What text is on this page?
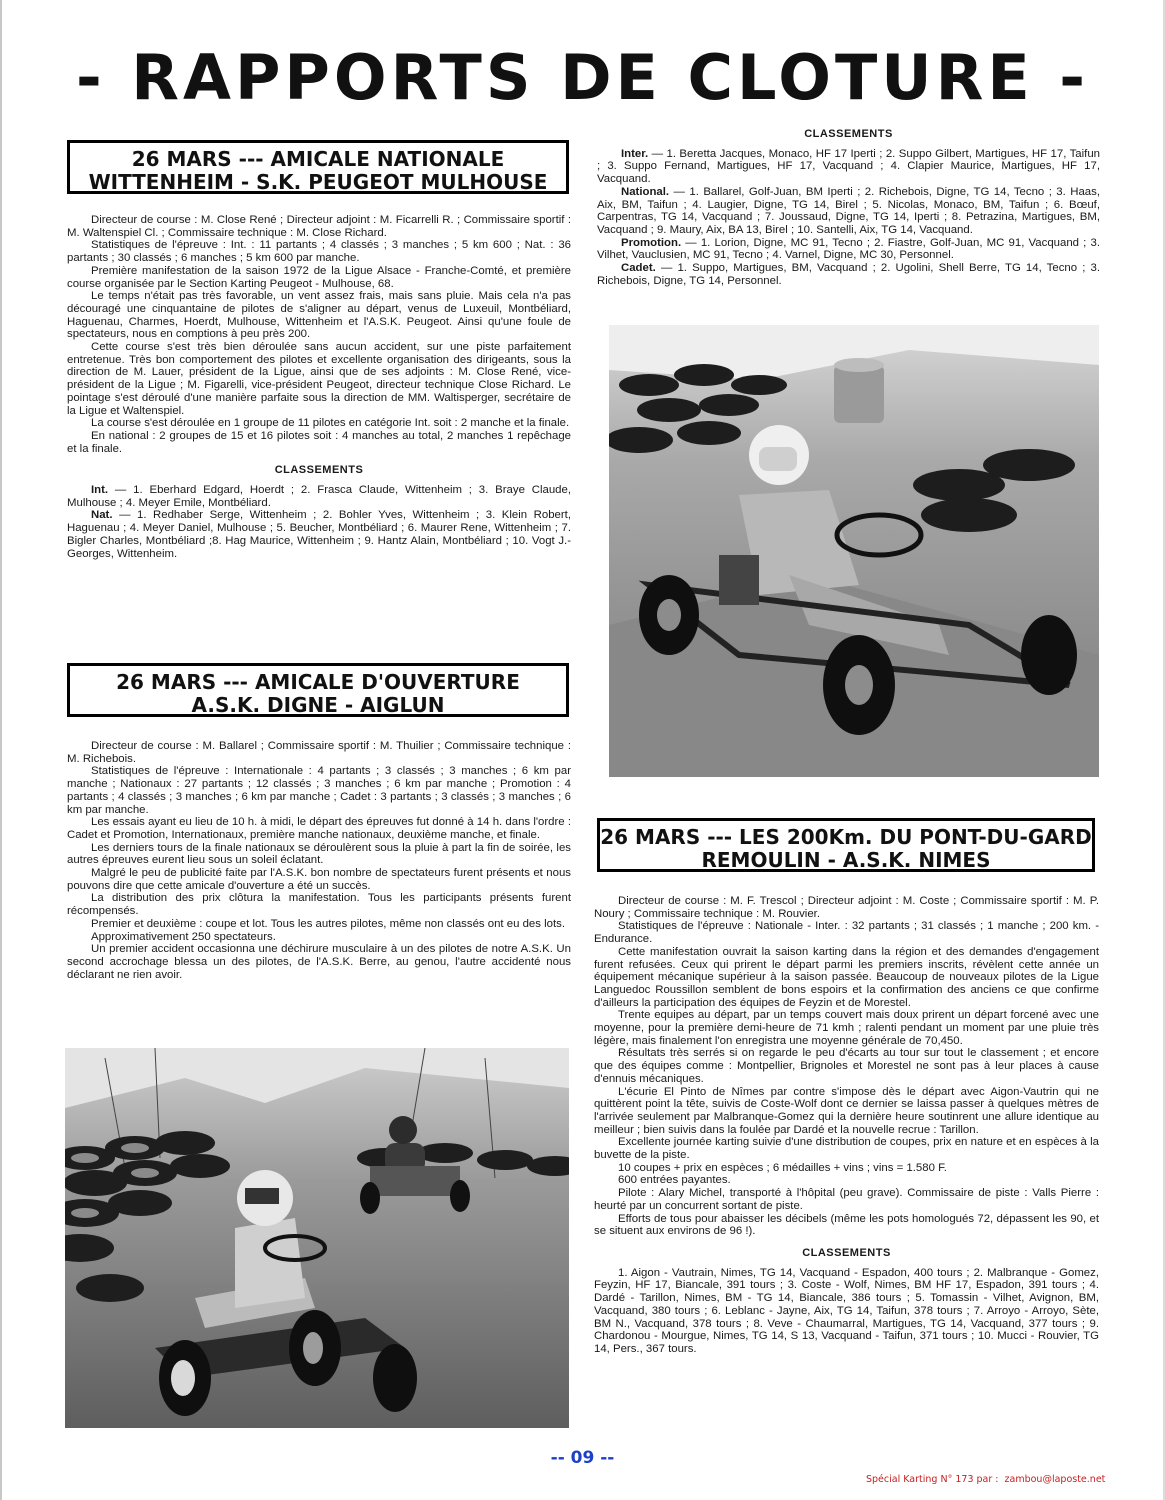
- RAPPORTS DE CLOTURE -
26 MARS --- AMICALE NATIONALE
WITTENHEIM - S.K. PEUGEOT MULHOUSE

Directeur de course : M. Close René ; Directeur adjoint : M. Ficarrelli R. ; Commissaire sportif : M. Waltenspiel Cl. ; Commissaire technique : M. Close Richard.

Statistiques de l'épreuve : Int. : 11 partants ; 4 classés ; 3 manches ; 5 km 600 ; Nat. : 36 partants ; 30 classés ; 6 manches ; 5 km 600 par manche.

Première manifestation de la saison 1972 de la Ligue Alsace - Franche-Comté, et première course organisée par le Section Karting Peugeot - Mulhouse, 68.

Le temps n'était pas très favorable, un vent assez frais, mais sans pluie. Mais cela n'a pas découragé une cinquantaine de pilotes de s'aligner au départ, venus de Luxeuil, Montbéliard, Haguenau, Charmes, Hoerdt, Mulhouse, Wittenheim et l'A.S.K. Peugeot. Ainsi qu'une foule de spectateurs, nous en comptions à peu près 200.

Cette course s'est très bien déroulée sans aucun accident, sur une piste parfaitement entretenue. Très bon comportement des pilotes et excellente organisation des dirigeants, sous la direction de M. Lauer, président de la Ligue, ainsi que de ses adjoints : M. Close René, vice-président de la Ligue ; M. Figarelli, vice-président Peugeot, directeur technique Close Richard. Le pointage s'est déroulé d'une manière parfaite sous la direction de MM. Waltisperger, secrétaire de la Ligue et Waltenspiel.

La course s'est déroulée en 1 groupe de 11 pilotes en catégorie Int. soit : 2 manche et la finale.

En national : 2 groupes de 15 et 16 pilotes soit : 4 manches au total, 2 manches 1 repêchage et la finale.

CLASSEMENTS

Int. — 1. Eberhard Edgard, Hoerdt ; 2. Frasca Claude, Wittenheim ; 3. Braye Claude, Mulhouse ; 4. Meyer Emile, Montbéliard.

Nat. — 1. Redhaber Serge, Wittenheim ; 2. Bohler Yves, Wittenheim ; 3. Klein Robert, Haguenau ; 4. Meyer Daniel, Mulhouse ; 5. Beucher, Montbéliard ; 6. Maurer Rene, Wittenheim ; 7. Bigler Charles, Montbéliard ;8. Hag Maurice, Wittenheim ; 9. Hantz Alain, Montbéliard ; 10. Vogt J.-Georges, Wittenheim.

26 MARS --- AMICALE D'OUVERTURE
A.S.K. DIGNE - AIGLUN

Directeur de course : M. Ballarel ; Commissaire sportif : M. Thuilier ; Commissaire technique : M. Richebois.

Statistiques de l'épreuve : Internationale : 4 partants ; 3 classés ; 3 manches ; 6 km par manche ; Nationaux : 27 partants ; 12 classés ; 3 manches ; 6 km par manche ; Promotion : 4 partants ; 4 classés ; 3 manches ; 6 km par manche ; Cadet : 3 partants ; 3 classés ; 3 manches ; 6 km par manche.

Les essais ayant eu lieu de 10 h. à midi, le départ des épreuves fut donné à 14 h. dans l'ordre : Cadet et Promotion, Internationaux, première manche nationaux, deuxième manche, et finale.

Les derniers tours de la finale nationaux se déroulèrent sous la pluie à part la fin de soirée, les autres épreuves eurent lieu sous un soleil éclatant.

Malgré le peu de publicité faite par l'A.S.K. bon nombre de spectateurs furent présents et nous pouvons dire que cette amicale d'ouverture a été un succès.

La distribution des prix clôtura la manifestation. Tous les participants présents furent récompensés.

Premier et deuxième : coupe et lot. Tous les autres pilotes, même non classés ont eu des lots.

Approximativement 250 spectateurs.

Un premier accident occasionna une déchirure musculaire à un des pilotes de notre A.S.K. Un second accrochage blessa un des pilotes, de l'A.S.K. Berre, au genou, l'autre accidenté nous déclarant ne rien avoir.

CLASSEMENTS

Inter. — 1. Beretta Jacques, Monaco, HF 17 Iperti ; 2. Suppo Gilbert, Martigues, HF 17, Taifun ; 3. Suppo Fernand, Martigues, HF 17, Vacquand ; 4. Clapier Maurice, Martigues, HF 17, Vacquand.

National. — 1. Ballarel, Golf-Juan, BM Iperti ; 2. Richebois, Digne, TG 14, Tecno ; 3. Haas, Aix, BM, Taifun ; 4. Laugier, Digne, TG 14, Birel ; 5. Nicolas, Monaco, BM, Taifun ; 6. Bœuf, Carpentras, TG 14, Vacquand ; 7. Joussaud, Digne, TG 14, Iperti ; 8. Petrazina, Martigues, BM, Vacquand ; 9. Maury, Aix, BA 13, Birel ; 10. Santelli, Aix, TG 14, Vacquand.

Promotion. — 1. Lorion, Digne, MC 91, Tecno ; 2. Fiastre, Golf-Juan, MC 91, Vacquand ; 3. Vilhet, Vauclusien, MC 91, Tecno ; 4. Varnel, Digne, MC 30, Personnel.

Cadet. — 1. Suppo, Martigues, BM, Vacquand ; 2. Ugolini, Shell Berre, TG 14, Tecno ; 3. Richebois, Digne, TG 14, Personnel.

26 MARS --- LES 200Km. DU PONT-DU-GARD
REMOULIN - A.S.K. NIMES

Directeur de course : M. F. Trescol ; Directeur adjoint : M. Coste ; Commissaire sportif : M. P. Noury ; Commissaire technique : M. Rouvier.

Statistiques de l'épreuve : Nationale - Inter. : 32 partants ; 31 classés ; 1 manche ; 200 km. - Endurance.

Cette manifestation ouvrait la saison karting dans la région et des demandes d'engagement furent refusées. Ceux qui prirent le départ parmi les premiers inscrits, révèlent cette année un équipement mécanique supérieur à la saison passée. Beaucoup de nouveaux pilotes de la Ligue Languedoc Roussillon semblent de bons espoirs et la confirmation des anciens ce que confirme d'ailleurs la participation des équipes de Feyzin et de Morestel.

Trente equipes au départ, par un temps couvert mais doux prirent un départ forcené avec une moyenne, pour la première demi-heure de 71 kmh ; ralenti pendant un moment par une pluie très légère, mais finalement l'on enregistra une moyenne générale de 70,450.

Résultats très serrés si on regarde le peu d'écarts au tour sur tout le classement ; et encore que des équipes comme : Montpellier, Brignoles et Morestel ne sont pas à leur places à cause d'ennuis mécaniques.

L'écurie El Pinto de Nîmes par contre s'impose dès le départ avec Aigon-Vautrin qui ne quittèrent point la tête, suivis de Coste-Wolf dont ce dernier se laissa passer à quelques mètres de l'arrivée seulement par Malbranque-Gomez qui la dernière heure soutinrent une allure identique au meilleur ; bien suivis dans la foulée par Dardé et la nouvelle recrue : Tarillon.

Excellente journée karting suivie d'une distribution de coupes, prix en nature et en espèces à la buvette de la piste.

10 coupes + prix en espèces ; 6 médailles + vins ; vins = 1.580 F.

600 entrées payantes.

Pilote : Alary Michel, transporté à l'hôpital (peu grave). Commissaire de piste : Valls Pierre : heurté par un concurrent sortant de piste.

Efforts de tous pour abaisser les décibels (même les pots homologués 72, dépassent les 90, et se situent aux environs de 96 !).

CLASSEMENTS

1. Aigon - Vautrain, Nimes, TG 14, Vacquand - Espadon, 400 tours ; 2. Malbranque - Gomez, Feyzin, HF 17, Biancale, 391 tours ; 3. Coste - Wolf, Nimes, BM HF 17, Espadon, 391 tours ; 4. Dardé - Tarillon, Nimes, BM - TG 14, Biancale, 386 tours ; 5. Tomassin - Vilhet, Avignon, BM, Vacquand, 380 tours ; 6. Leblanc - Jayne, Aix, TG 14, Taifun, 378 tours ; 7. Arroyo - Arroyo, Sète, BM N., Vacquand, 378 tours ; 8. Veve - Chaumarral, Martigues, TG 14, Vacquand, 377 tours ; 9. Chardonou - Mourgue, Nimes, TG 14, S 13, Vacquand - Taifun, 371 tours ; 10. Mucci - Rouvier, TG 14, Pers., 367 tours.

-- 09 --
Spécial Karting N° 173 par : zambou@laposte.net
